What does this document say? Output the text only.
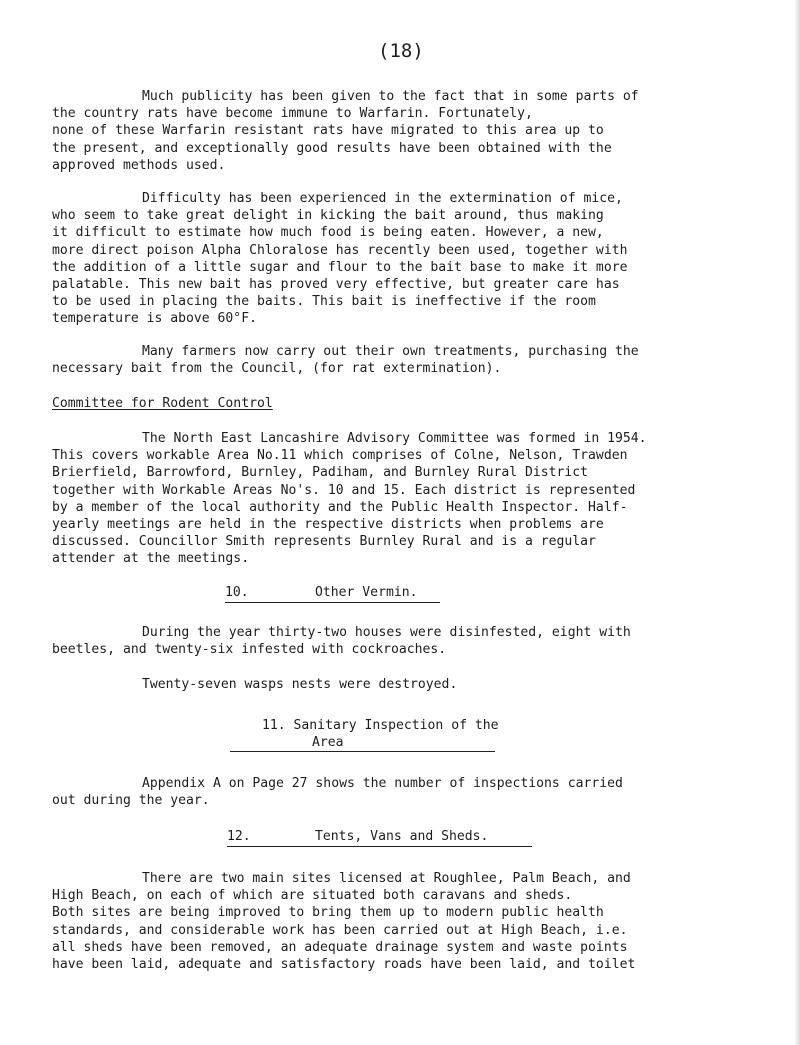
(18)
Much publicity has been given to the fact that in some parts of
the country rats have become immune to Warfarin. Fortunately,
none of these Warfarin resistant rats have migrated to this area up to
the present, and exceptionally good results have been obtained with the
approved methods used.
Difficulty has been experienced in the extermination of mice,
who seem to take great delight in kicking the bait around, thus making
it difficult to estimate how much food is being eaten. However, a new,
more direct poison Alpha Chloralose has recently been used, together with
the addition of a little sugar and flour to the bait base to make it more
palatable. This new bait has proved very effective, but greater care has
to be used in placing the baits. This bait is ineffective if the room
temperature is above 60°F.
Many farmers now carry out their own treatments, purchasing the
necessary bait from the Council, (for rat extermination).
Committee for Rodent Control
The North East Lancashire Advisory Committee was formed in 1954.
This covers workable Area No.11 which comprises of Colne, Nelson, Trawden
Brierfield, Barrowford, Burnley, Padiham, and Burnley Rural District
together with Workable Areas No's. 10 and 15. Each district is represented
by a member of the local authority and the Public Health Inspector. Half-
yearly meetings are held in the respective districts when problems are
discussed. Councillor Smith represents Burnley Rural and is a regular
attender at the meetings.
10.	Other Vermin.
During the year thirty-two houses were disinfested, eight with
beetles, and twenty-six infested with cockroaches.
Twenty-seven wasps nests were destroyed.
11. Sanitary Inspection of the
Area
Appendix A on Page 27 shows the number of inspections carried
out during the year.
12.	Tents, Vans and Sheds.
There are two main sites licensed at Roughlee, Palm Beach, and
High Beach, on each of which are situated both caravans and sheds.
Both sites are being improved to bring them up to modern public health
standards, and considerable work has been carried out at High Beach, i.e.
all sheds have been removed, an adequate drainage system and waste points
have been laid, adequate and satisfactory roads have been laid, and toilet
